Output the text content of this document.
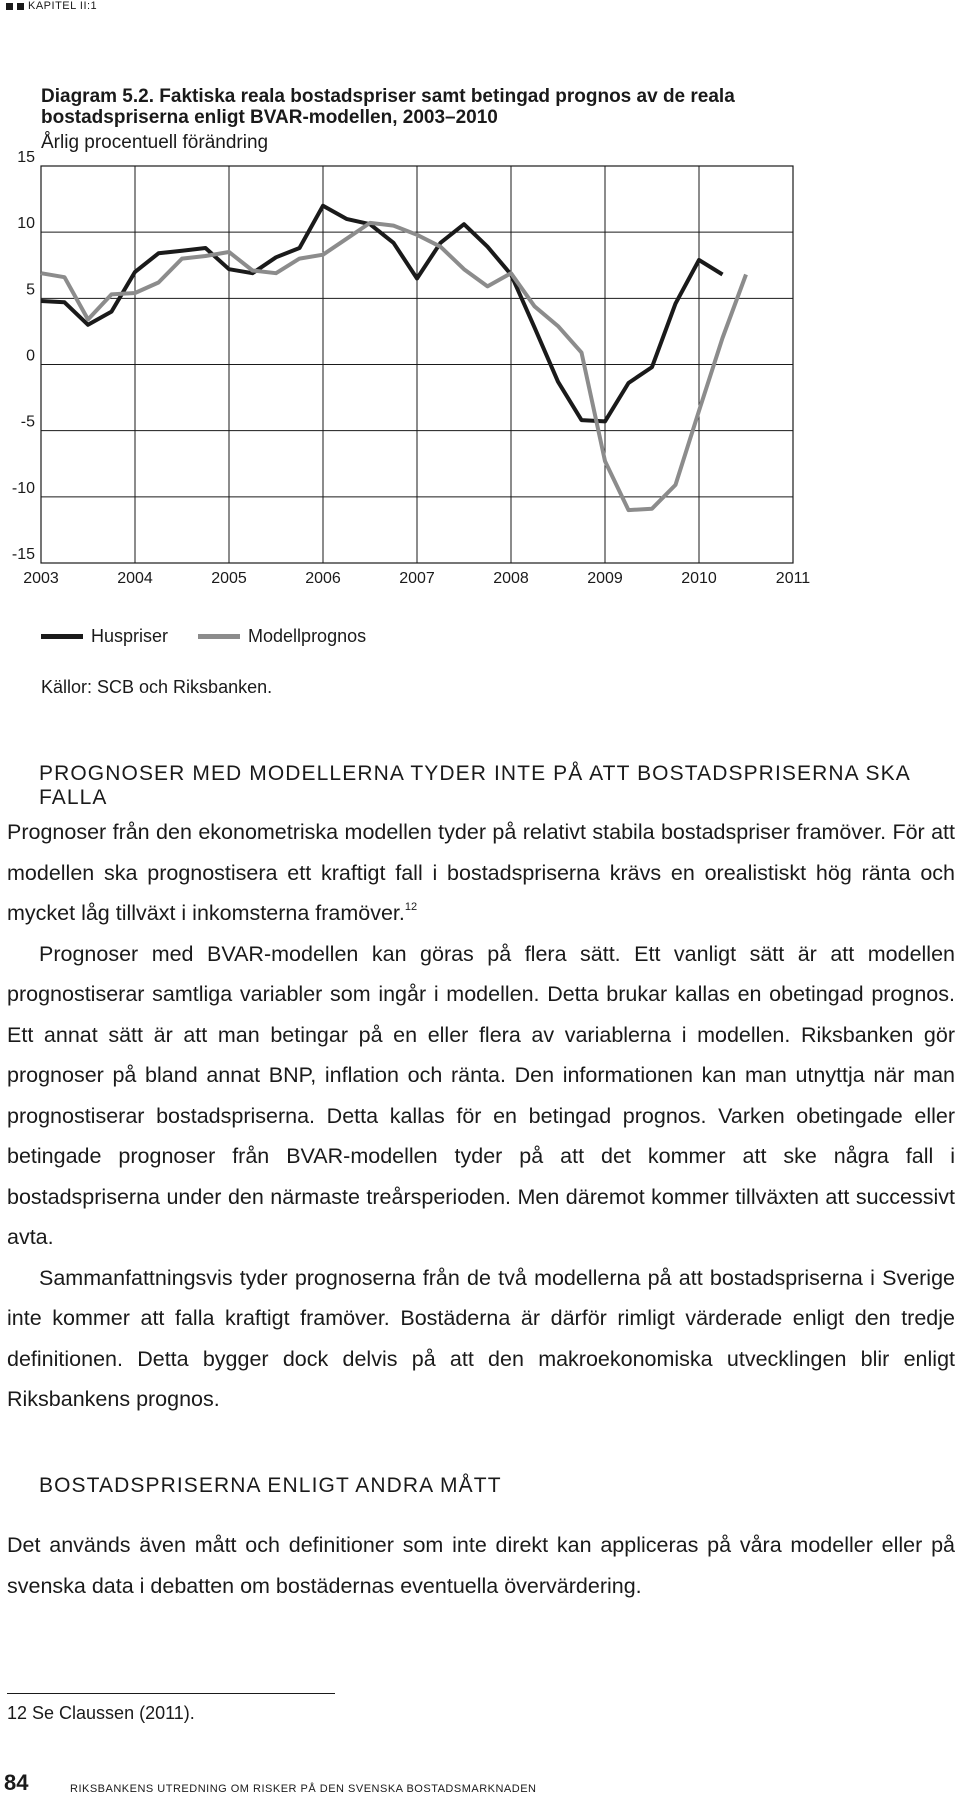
KAPITEL II:1
Diagram 5.2. Faktiska reala bostadspriser samt betingad prognos av de reala bostadspriserna enligt BVAR-modellen, 2003–2010
Årlig procentuell förändring
2003	2004	2005	2006	2007	2008	2009	2010	2011
15
10
5
0
-5
-10
-15
Huspriser	Modellprognos
Källor: SCB och Riksbanken.
PROGNOSER MED MODELLERNA TYDER INTE PÅ ATT BOSTADSPRISERNA SKA FALLA

Prognoser från den ekonometriska modellen tyder på relativt stabila bostadspriser framöver. För att modellen ska prognostisera ett kraftigt fall i bostadspriserna krävs en orealistiskt hög ränta och mycket låg tillväxt i inkomsterna framöver.$^{12}$

Prognoser med BVAR-modellen kan göras på flera sätt. Ett vanligt sätt är att modellen prognostiserar samtliga variabler som ingår i modellen. Detta brukar kallas en obetingad prognos. Ett annat sätt är att man betingar på en eller flera av variablerna i modellen. Riksbanken gör prognoser på bland annat BNP, inflation och ränta. Den informationen kan man utnyttja när man prognostiserar bostadspriserna. Detta kallas för en betingad prognos. Varken obetingade eller betingade prognoser från BVAR-modellen tyder på att det kommer att ske några fall i bostadspriserna under den närmaste treårsperioden. Men däremot kommer tillväxten att successivt avta.

Sammanfattningsvis tyder prognoserna från de två modellerna på att bostadspriserna i Sverige inte kommer att falla kraftigt framöver. Bostäderna är därför rimligt värderade enligt den tredje definitionen. Detta bygger dock delvis på att den makroekonomiska utvecklingen blir enligt Riksbankens prognos.

BOSTADSPRISERNA ENLIGT ANDRA MÅTT

Det används även mått och definitioner som inte direkt kan appliceras på våra modeller eller på svenska data i debatten om bostädernas eventuella övervärdering.

12 Se Claussen (2011).
84	RIKSBANKENS UTREDNING OM RISKER PÅ DEN SVENSKA BOSTADSMARKNADEN
